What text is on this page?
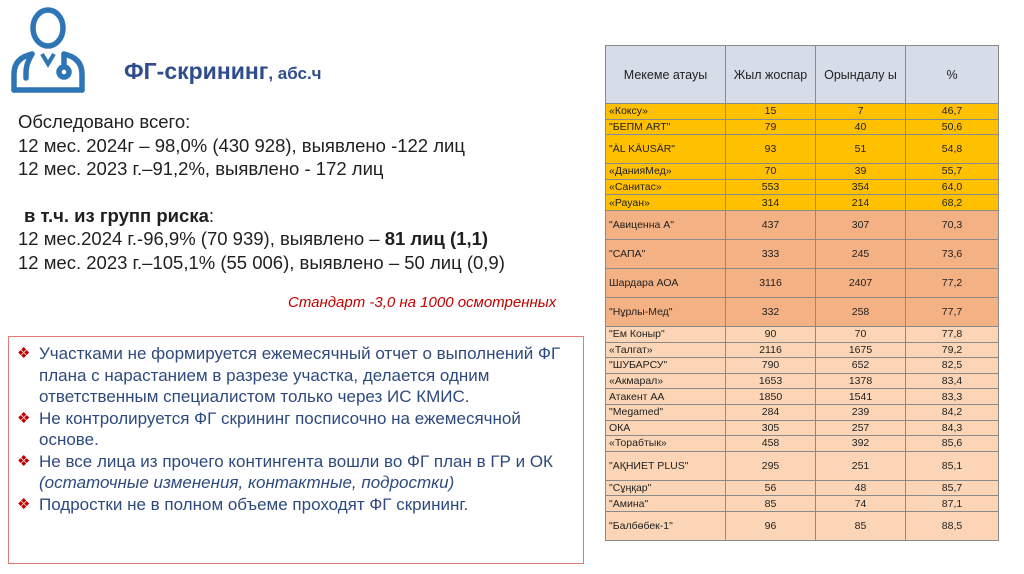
ФГ-скрининг, абс.ч
Обследовано всего:
12 мес. 2024г – 98,0% (430 928), выявлено -122 лиц
12 мес. 2023 г.–91,2%, выявлено - 172 лиц
в т.ч. из групп риска:
12 мес.2024 г.-96,9% (70 939), выявлено – 81 лиц (1,1)
12 мес. 2023 г.–105,1% (55 006), выявлено – 50 лиц (0,9)
Стандарт -3,0 на 1000 осмотренных
❖ Участками не формируется ежемесячный отчет о выполнений ФГ плана с нарастанием в разрезе участка, делается одним ответственным специалистом только через ИС КМИС.
❖ Не контролируется ФГ скрининг посписочно на ежемесячной основе.
❖ Не все лица из прочего контингента вошли во ФГ план в ГР и ОК (остаточные изменения, контактные, подростки)
❖ Подростки не в полном объеме проходят ФГ скрининг.
Мекеме атауы	Жыл жоспар	Орындалу ы	%
«Коксу»	15	7	46,7
"БЕПМ ART"	79	40	50,6
"ӒL KÄUSÄR"	93	51	54,8
«ДанияМед»	70	39	55,7
«Санитас»	553	354	64,0
«Рауан»	314	214	68,2
"Авиценна А"	437	307	70,3
"САПА"	333	245	73,6
Шардара АОА	3116	2407	77,2
"Нұрлы-Мед"	332	258	77,7
"Ем Коныр"	90	70	77,8
«Талгат»	2116	1675	79,2
"ШУБАРСУ"	790	652	82,5
«Акмарал»	1653	1378	83,4
Атакент АА	1850	1541	83,3
"Megamed"	284	239	84,2
ОКА	305	257	84,3
«Торабтык»	458	392	85,6
"АҚНИЕТ PLUS"	295	251	85,1
"Сұңқар"	56	48	85,7
"Амина"	85	74	87,1
"Балбөбек-1"	96	85	88,5
